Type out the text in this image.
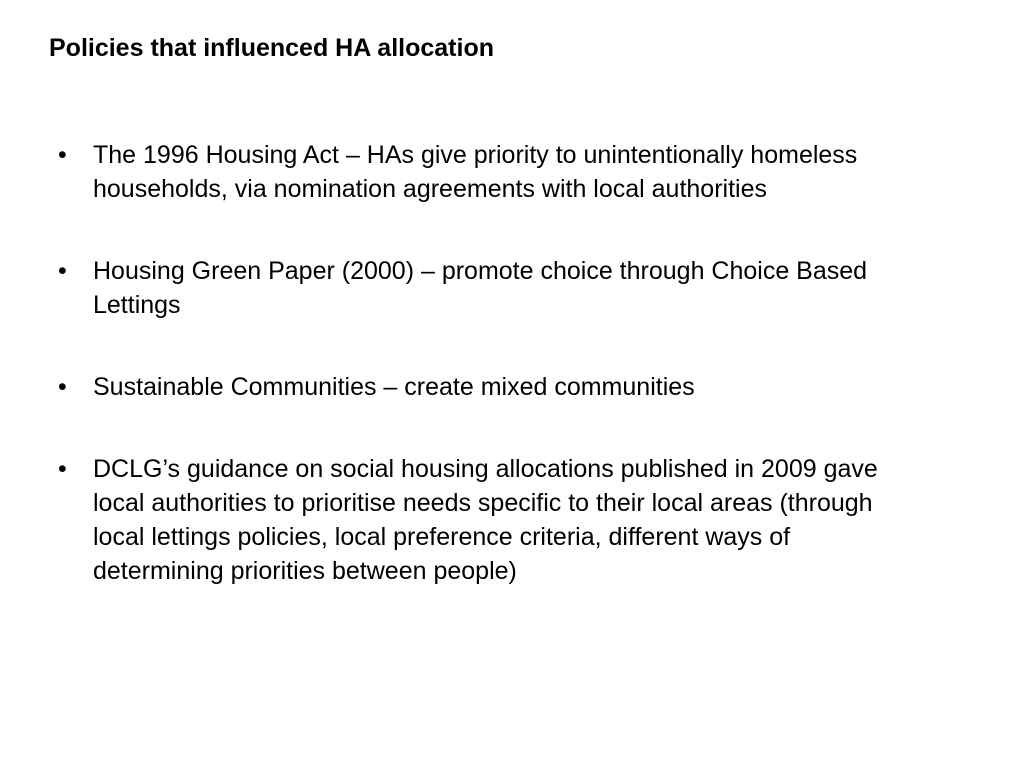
Policies that influenced HA allocation
• The 1996 Housing Act – HAs give priority to unintentionally homeless households, via nomination agreements with local authorities
• Housing Green Paper (2000) – promote choice through Choice Based Lettings
• Sustainable Communities – create mixed communities
• DCLG’s guidance on social housing allocations published in 2009 gave local authorities to prioritise needs specific to their local areas (through local lettings policies, local preference criteria, different ways of determining priorities between people)
